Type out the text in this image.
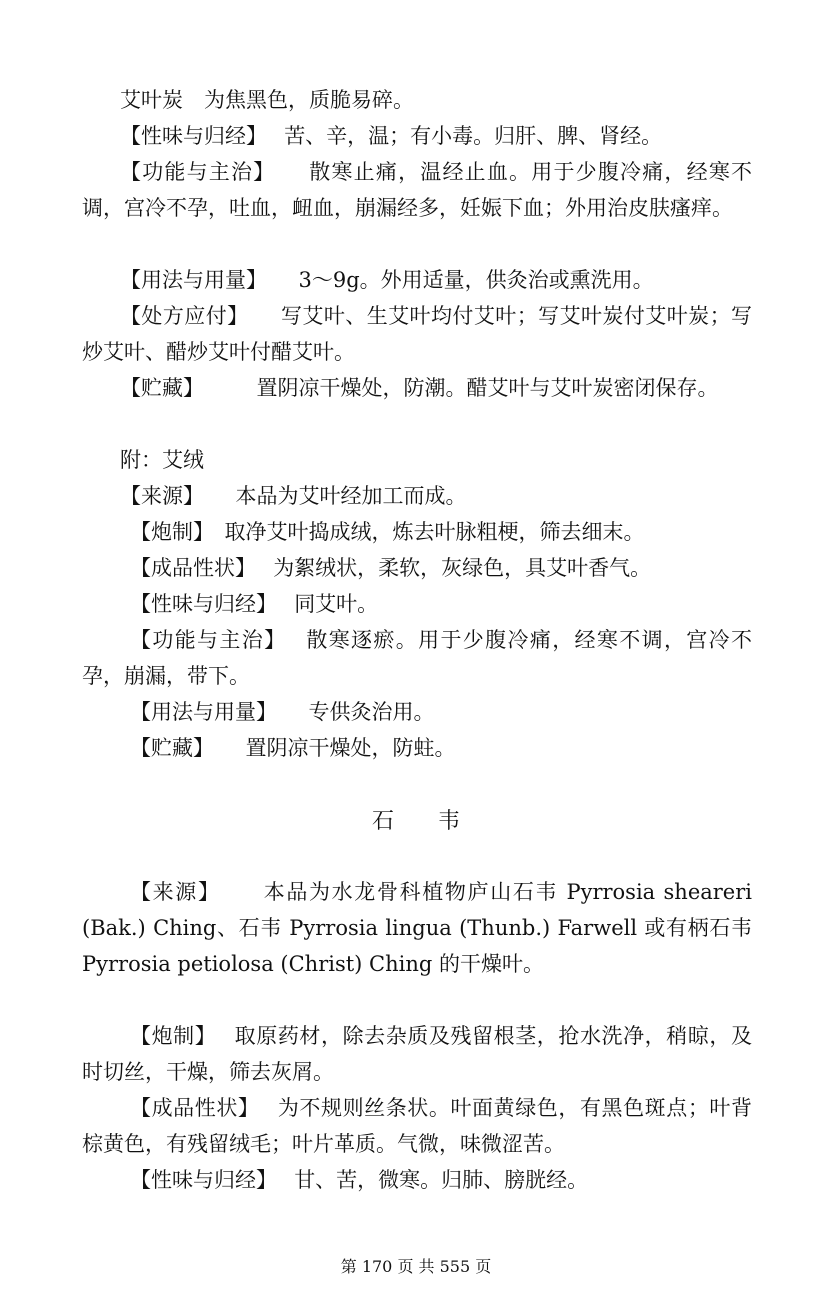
艾叶炭　为焦黑色，质脆易碎。

【性味与归经】　 苦、辛，温；有小毒。归肝、脾、肾经。

【功能与主治】　　 散寒止痛，温经止血。用于少腹冷痛，经寒不调，宫冷不孕，吐血，衄血，崩漏经多，妊娠下血；外用治皮肤瘙痒。

【用法与用量】　　 3～9g。外用适量，供灸治或熏洗用。

【处方应付】　　 写艾叶、生艾叶均付艾叶；写艾叶炭付艾叶炭；写炒艾叶、醋炒艾叶付醋艾叶。

【贮藏】　　　	置阴凉干燥处，防潮。醋艾叶与艾叶炭密闭保存。

附：艾绒

【来源】　　 本品为艾叶经加工而成。

【炮制】　 取净艾叶捣成绒，炼去叶脉粗梗，筛去细末。

【成品性状】　 为絮绒状，柔软，灰绿色，具艾叶香气。

【性味与归经】　 同艾叶。

【功能与主治】　 散寒逐瘀。用于少腹冷痛，经寒不调，宫冷不孕，崩漏，带下。

【用法与用量】　　 专供灸治用。

【贮藏】　　 置阴凉干燥处，防蛀。

石　　韦

【来源】　　	本品为水龙骨科植物庐山石韦 Pyrrosia sheareri (Bak.) Ching、石韦 Pyrrosia lingua (Thunb.) Farwell 或有柄石韦 Pyrrosia petiolosa (Christ) Ching 的干燥叶。

【炮制】　 取原药材，除去杂质及残留根茎，抢水洗净，稍晾，及时切丝，干燥，筛去灰屑。

【成品性状】　 为不规则丝条状。叶面黄绿色，有黑色斑点；叶背棕黄色，有残留绒毛；叶片革质。气微，味微涩苦。

【性味与归经】　 甘、苦，微寒。归肺、膀胱经。

第 170 页 共 555 页
